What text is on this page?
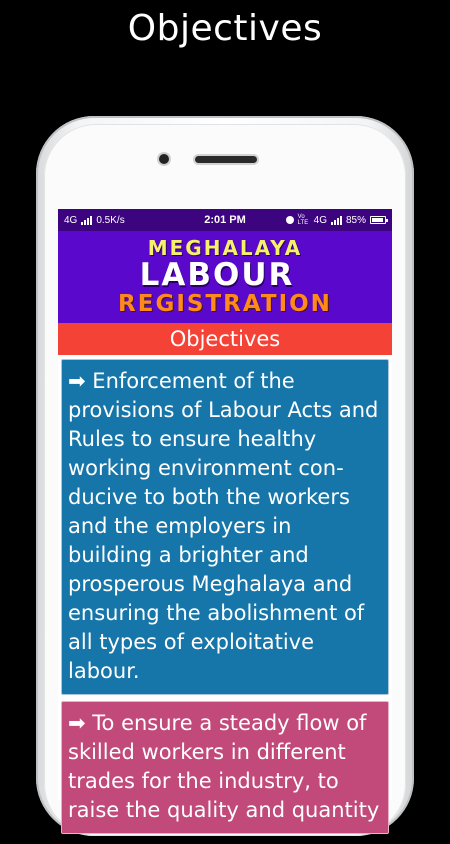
Objectives
4G 0.5K/s	2:01 PM	Vo LTE 4G 85%
MEGHALAYA
LABOUR
REGISTRATION
Objectives
➡ Enforcement of the provisions of Labour Acts and Rules to ensure healthy working environment con-ducive to both the workers and the employers in building a brighter and prosperous Meghalaya and ensuring the abolishment of all types of exploitative labour.
➡ To ensure a steady flow of skilled workers in different trades for the industry, to raise the quality and quantity
